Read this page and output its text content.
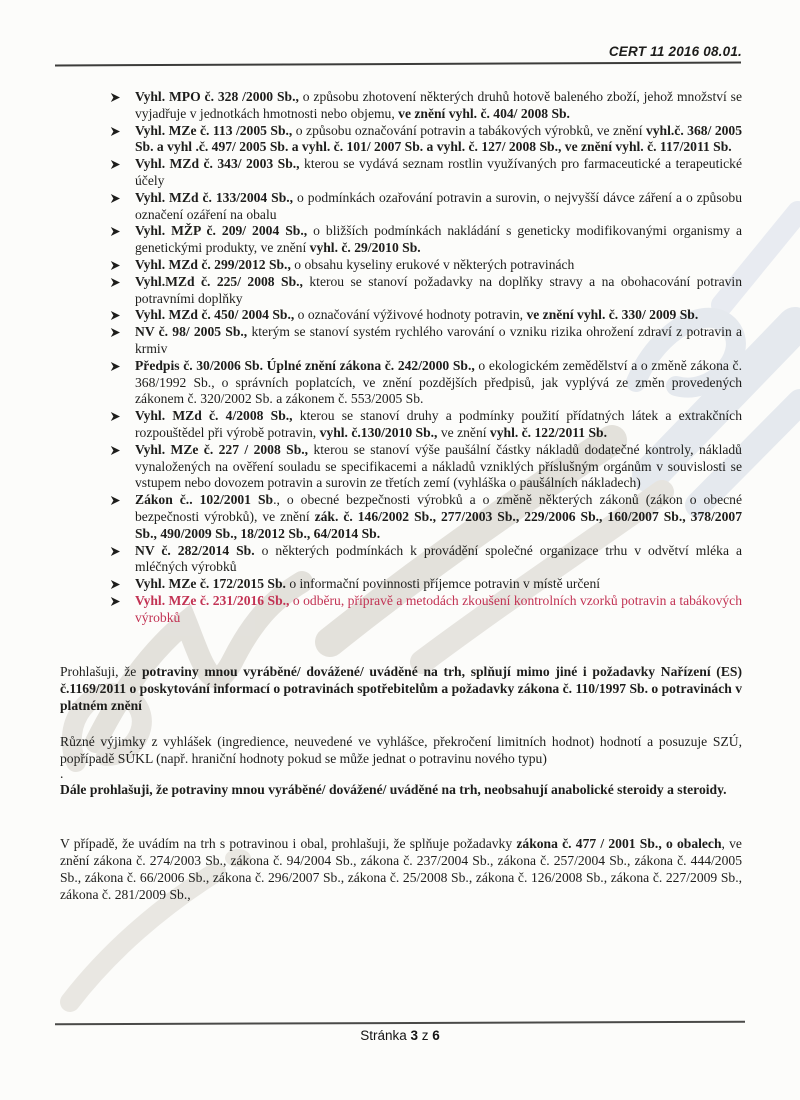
CERT 11 2016 08.01.
Vyhl. MPO č. 328 /2000 Sb., o způsobu zhotovení některých druhů hotově baleného zboží, jehož množství se vyjadřuje v jednotkách hmotnosti nebo objemu, ve znění vyhl. č. 404/ 2008 Sb.
Vyhl. MZe č. 113 /2005 Sb., o způsobu označování potravin a tabákových výrobků, ve znění vyhl.č. 368/ 2005 Sb. a vyhl .č. 497/ 2005 Sb. a vyhl. č. 101/ 2007 Sb. a vyhl. č. 127/ 2008 Sb., ve znění vyhl. č. 117/2011 Sb.
Vyhl. MZd č. 343/ 2003 Sb., kterou se vydává seznam rostlin využívaných pro farmaceutické a terapeutické účely
Vyhl. MZd č. 133/2004 Sb., o podmínkách ozařování potravin a surovin, o nejvyšší dávce záření a o způsobu označení ozáření na obalu
Vyhl. MŽP č. 209/ 2004 Sb., o bližších podmínkách nakládání s geneticky modifikovanými organismy a genetickými produkty, ve znění vyhl. č. 29/2010 Sb.
Vyhl. MZd č. 299/2012 Sb., o obsahu kyseliny erukové v některých potravinách
Vyhl.MZd č. 225/ 2008 Sb., kterou se stanoví požadavky na doplňky stravy a na obohacování potravin potravními doplňky
Vyhl. MZd č. 450/ 2004 Sb., o označování výživové hodnoty potravin, ve znění vyhl. č. 330/ 2009 Sb.
NV č. 98/ 2005 Sb., kterým se stanoví systém rychlého varování o vzniku rizika ohrožení zdraví z potravin a krmiv
Předpis č. 30/2006 Sb. Úplné znění zákona č. 242/2000 Sb., o ekologickém zemědělství a o změně zákona č. 368/1992 Sb., o správních poplatcích, ve znění pozdějších předpisů, jak vyplývá ze změn provedených zákonem č. 320/2002 Sb. a zákonem č. 553/2005 Sb.
Vyhl. MZd č. 4/2008 Sb., kterou se stanoví druhy a podmínky použití přídatných látek a extrakčních rozpouštědel při výrobě potravin, vyhl. č.130/2010 Sb., ve znění vyhl. č. 122/2011 Sb.
Vyhl. MZe č. 227 / 2008 Sb., kterou se stanoví výše paušální částky nákladů dodatečné kontroly, nákladů vynaložených na ověření souladu se specifikacemi a nákladů vzniklých příslušným orgánům v souvislosti se vstupem nebo dovozem potravin a surovin ze třetích zemí (vyhláška o paušálních nákladech)
Zákon č.. 102/2001 Sb., o obecné bezpečnosti výrobků a o změně některých zákonů (zákon o obecné bezpečnosti výrobků), ve znění zák. č. 146/2002 Sb., 277/2003 Sb., 229/2006 Sb., 160/2007 Sb., 378/2007 Sb., 490/2009 Sb., 18/2012 Sb., 64/2014 Sb.
NV č. 282/2014 Sb. o některých podmínkách k provádění společné organizace trhu v odvětví mléka a mléčných výrobků
Vyhl. MZe č. 172/2015 Sb. o informační povinnosti příjemce potravin v místě určení
Vyhl. MZe č. 231/2016 Sb., o odběru, přípravě a metodách zkoušení kontrolních vzorků potravin a tabákových výrobků

Prohlašuji, že potraviny mnou vyráběné/ dovážené/ uváděné na trh, splňují mimo jiné i požadavky Nařízení (ES) č.1169/2011 o poskytování informací o potravinách spotřebitelům a požadavky zákona č. 110/1997 Sb. o potravinách v platném znění

Různé výjimky z vyhlášek (ingredience, neuvedené ve vyhlášce, překročení limitních hodnot) hodnotí a posuzuje SZÚ, popřípadě SÚKL (např. hraniční hodnoty pokud se může jednat o potravinu nového typu)

.

Dále prohlašuji, že potraviny mnou vyráběné/ dovážené/ uváděné na trh, neobsahují anabolické steroidy a steroidy.

V případě, že uvádím na trh s potravinou i obal, prohlašuji, že splňuje požadavky zákona č. 477 / 2001 Sb., o obalech, ve znění zákona č. 274/2003 Sb., zákona č. 94/2004 Sb., zákona č. 237/2004 Sb., zákona č. 257/2004 Sb., zákona č. 444/2005 Sb., zákona č. 66/2006 Sb., zákona č. 296/2007 Sb., zákona č. 25/2008 Sb., zákona č. 126/2008 Sb., zákona č. 227/2009 Sb., zákona č. 281/2009 Sb.,

Stránka 3 z 6
